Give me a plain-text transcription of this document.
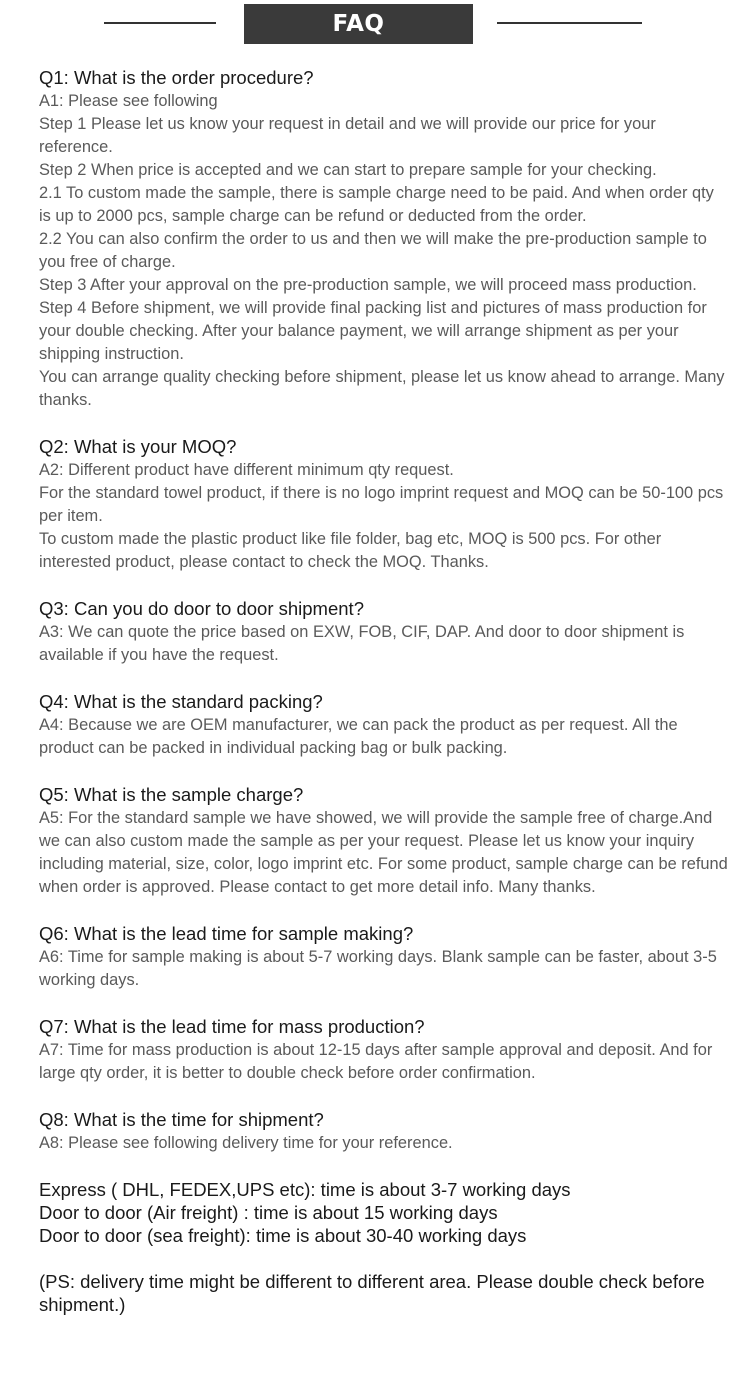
FAQ
Q1: What is the order procedure?

A1: Please see following

Step 1 Please let us know your request in detail and we will provide our price for your reference.

Step 2 When price is accepted and we can start to prepare sample for your checking.

2.1 To custom made the sample, there is sample charge need to be paid. And when order qty is up to 2000 pcs, sample charge can be refund or deducted from the order.

2.2 You can also confirm the order to us and then we will make the pre-production sample to you free of charge.

Step 3 After your approval on the pre-production sample, we will proceed mass production.

Step 4 Before shipment, we will provide final packing list and pictures of mass production for your double checking. After your balance payment, we will arrange shipment as per your shipping instruction.

You can arrange quality checking before shipment, please let us know ahead to arrange. Many thanks.

Q2: What is your MOQ?

A2: Different product have different minimum qty request.

For the standard towel product, if there is no logo imprint request and MOQ can be 50-100 pcs per item.

To custom made the plastic product like file folder, bag etc, MOQ is 500 pcs. For other interested product, please contact to check the MOQ. Thanks.

Q3: Can you do door to door shipment?

A3: We can quote the price based on EXW, FOB, CIF, DAP. And door to door shipment is available if you have the request.

Q4: What is the standard packing?

A4: Because we are OEM manufacturer, we can pack the product as per request. All the product can be packed in individual packing bag or bulk packing.

Q5: What is the sample charge?

A5: For the standard sample we have showed, we will provide the sample free of charge.And we can also custom made the sample as per your request. Please let us know your inquiry including material, size, color, logo imprint etc. For some product, sample charge can be refund when order is approved. Please contact to get more detail info. Many thanks.

Q6: What is the lead time for sample making?

A6: Time for sample making is about 5-7 working days. Blank sample can be faster, about 3-5 working days.

Q7: What is the lead time for mass production?

A7: Time for mass production is about 12-15 days after sample approval and deposit. And for large qty order, it is better to double check before order confirmation.

Q8: What is the time for shipment?

A8: Please see following delivery time for your reference.

Express ( DHL, FEDEX,UPS etc): time is about 3-7 working days

Door to door (Air freight) : time is about 15 working days

Door to door (sea freight): time is about 30-40 working days

(PS: delivery time might be different to different area. Please double check before shipment.)
